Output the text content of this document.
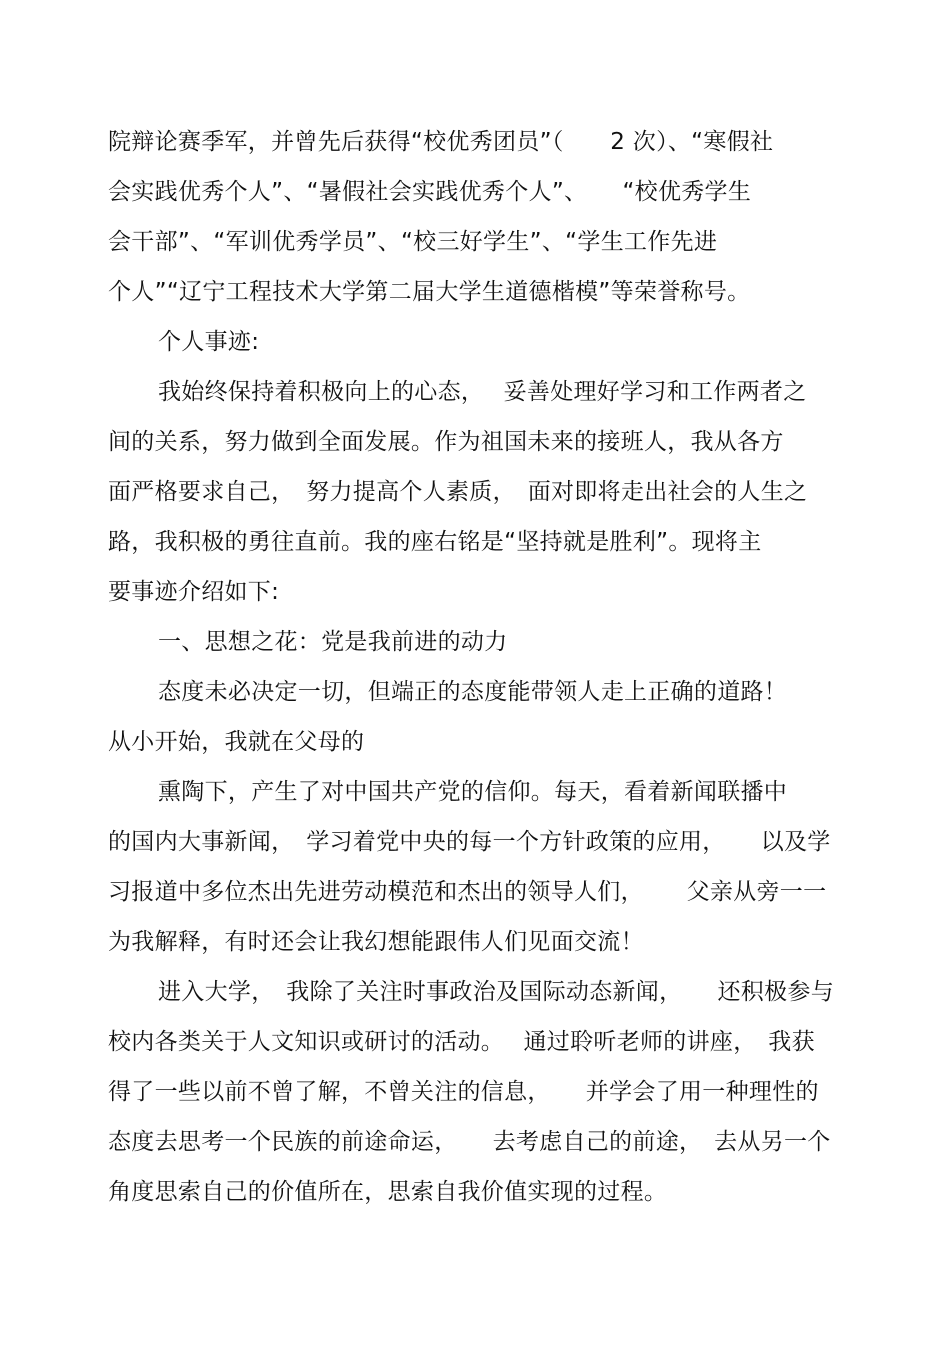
院辩论赛季军，并曾先后获得“校优秀团员”（　　2 次）、“寒假社
会实践优秀个人”、“暑假社会实践优秀个人”、　　“校优秀学生
会干部”、“军训优秀学员”、“校三好学生”、“学生工作先进
个人”“辽宁工程技术大学第二届大学生道德楷模”等荣誉称号。
个人事迹:
我始终保持着积极向上的心态，　 妥善处理好学习和工作两者之
间的关系，努力做到全面发展。作为祖国未来的接班人，我从各方
面严格要求自己，　努力提高个人素质，　面对即将走出社会的人生之
路，我积极的勇往直前。我的座右铭是“坚持就是胜利”。现将主
要事迹介绍如下:
一、思想之花：党是我前进的动力
态度未必决定一切，但端正的态度能带领人走上正确的道路！
从小开始，我就在父母的
熏陶下，产生了对中国共产党的信仰。每天，看着新闻联播中
的国内大事新闻，　学习着党中央的每一个方针政策的应用，　　以及学
习报道中多位杰出先进劳动模范和杰出的领导人们，　　 父亲从旁一一
为我解释，有时还会让我幻想能跟伟人们见面交流！
进入大学，　我除了关注时事政治及国际动态新闻，　　还积极参与
校内各类关于人文知识或研讨的活动。　 通过聆听老师的讲座，　我获
得了一些以前不曾了解，不曾关注的信息，　　并学会了用一种理性的
态度去思考一个民族的前途命运，　　去考虑自己的前途，　去从另一个
角度思索自己的价值所在，思索自我价值实现的过程。
